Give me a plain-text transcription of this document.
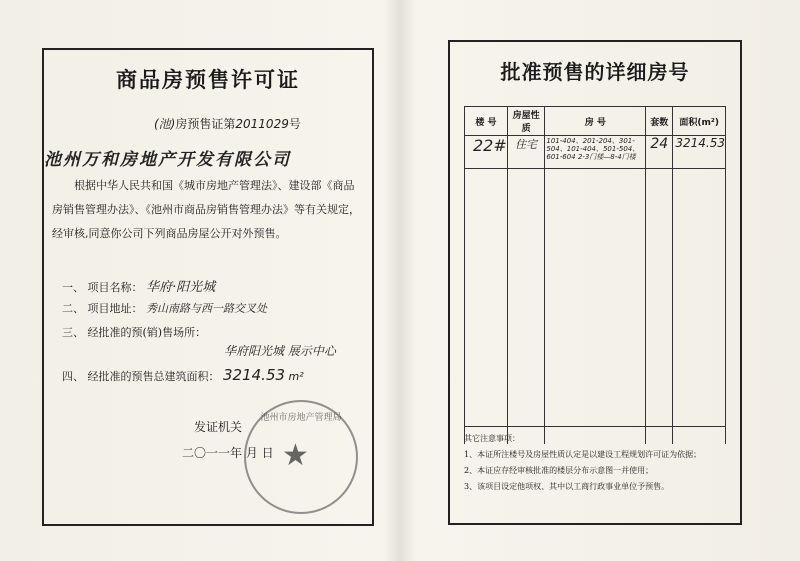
商品房预售许可证
(池)房预售证第2011029号
池州万和房地产开发有限公司
根据中华人民共和国《城市房地产管理法》、建设部《商品房销售管理办法》、《池州市商品房销售管理办法》等有关规定，经审核,同意你公司下列商品房屋公开对外预售。
一、 项目名称： 华府·阳光城
二、 项目地址： 秀山南路与西一路交叉处
三、 经批准的预(销)售场所：
华府阳光城 展示中心
四、 经批准的预售总建筑面积： 3214.53 m²
发证机关
二〇一一年 月 日
池州市房地产管理局
★
批准预售的详细房号
楼 号	房屋性质	房 号	套数	面积(m²)
22#	住宅	101-404、201-204、301-504、101-404、501-504、601-604 2-3门楼—8-4门楼	24	3214.53

其它注意事项：
1、本证所注楼号及房屋性质认定是以建设工程规划许可证为依据；
2、本证应存经审核批准的楼层分布示意图一并使用；
3、该项目设定他项权、其中以工商行政事业单位予预售。
